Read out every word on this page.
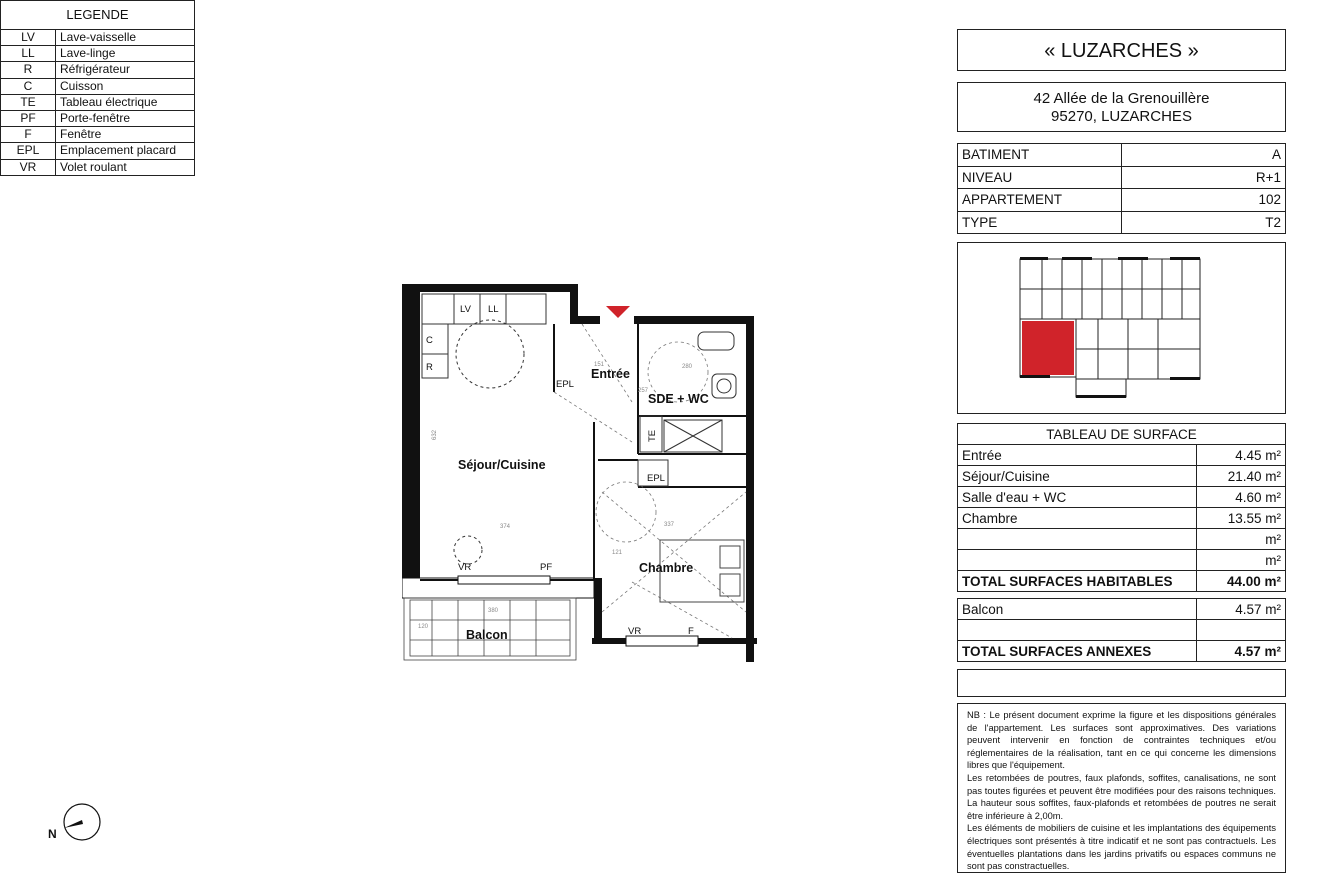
LEGENDE
LV	Lave-vaisselle
LL	Lave-linge
R	Réfrigérateur
C	Cuisson
TE	Tableau électrique
PF	Porte-fenêtre
F	Fenêtre
EPL	Emplacement placard
VR	Volet roulant
LV LL
C
R
EPL
EPL
TE
VR	PF
VR	F
374
632
337
380
151
257
280
121
120
Séjour/Cuisine
Entrée
SDE + WC
Chambre
Balcon
N
« LUZARCHES »
42 Allée de la Grenouillère
95270, LUZARCHES
BATIMENT	A
NIVEAU	R+1
APPARTEMENT	102
TYPE	T2
TABLEAU DE SURFACE	
Entrée	4.45 m²
Séjour/Cuisine	21.40 m²
Salle d'eau + WC	4.60 m²
Chambre	13.55 m²
	m²
	m²
TOTAL SURFACES HABITABLES	44.00 m²
Balcon	4.57 m²

TOTAL SURFACES ANNEXES	4.57 m²
NB : Le présent document exprime la figure et les dispositions générales de l'appartement. Les surfaces sont approximatives. Des variations peuvent intervenir en fonction de contraintes techniques et/ou réglementaires de la réalisation, tant en ce qui concerne les dimensions libres que l'équipement.
Les retombées de poutres, faux plafonds, soffites, canalisations, ne sont pas toutes figurées et peuvent être modifiées pour des raisons techniques. La hauteur sous soffites, faux-plafonds et retombées de poutres ne serait être inférieure à 2,00m.
Les éléments de mobiliers de cuisine et les implantations des équipements électriques sont présentés à titre indicatif et ne sont pas contractuels. Les éventuelles plantations dans les jardins privatifs ou espaces communs ne sont pas constractuelles.
